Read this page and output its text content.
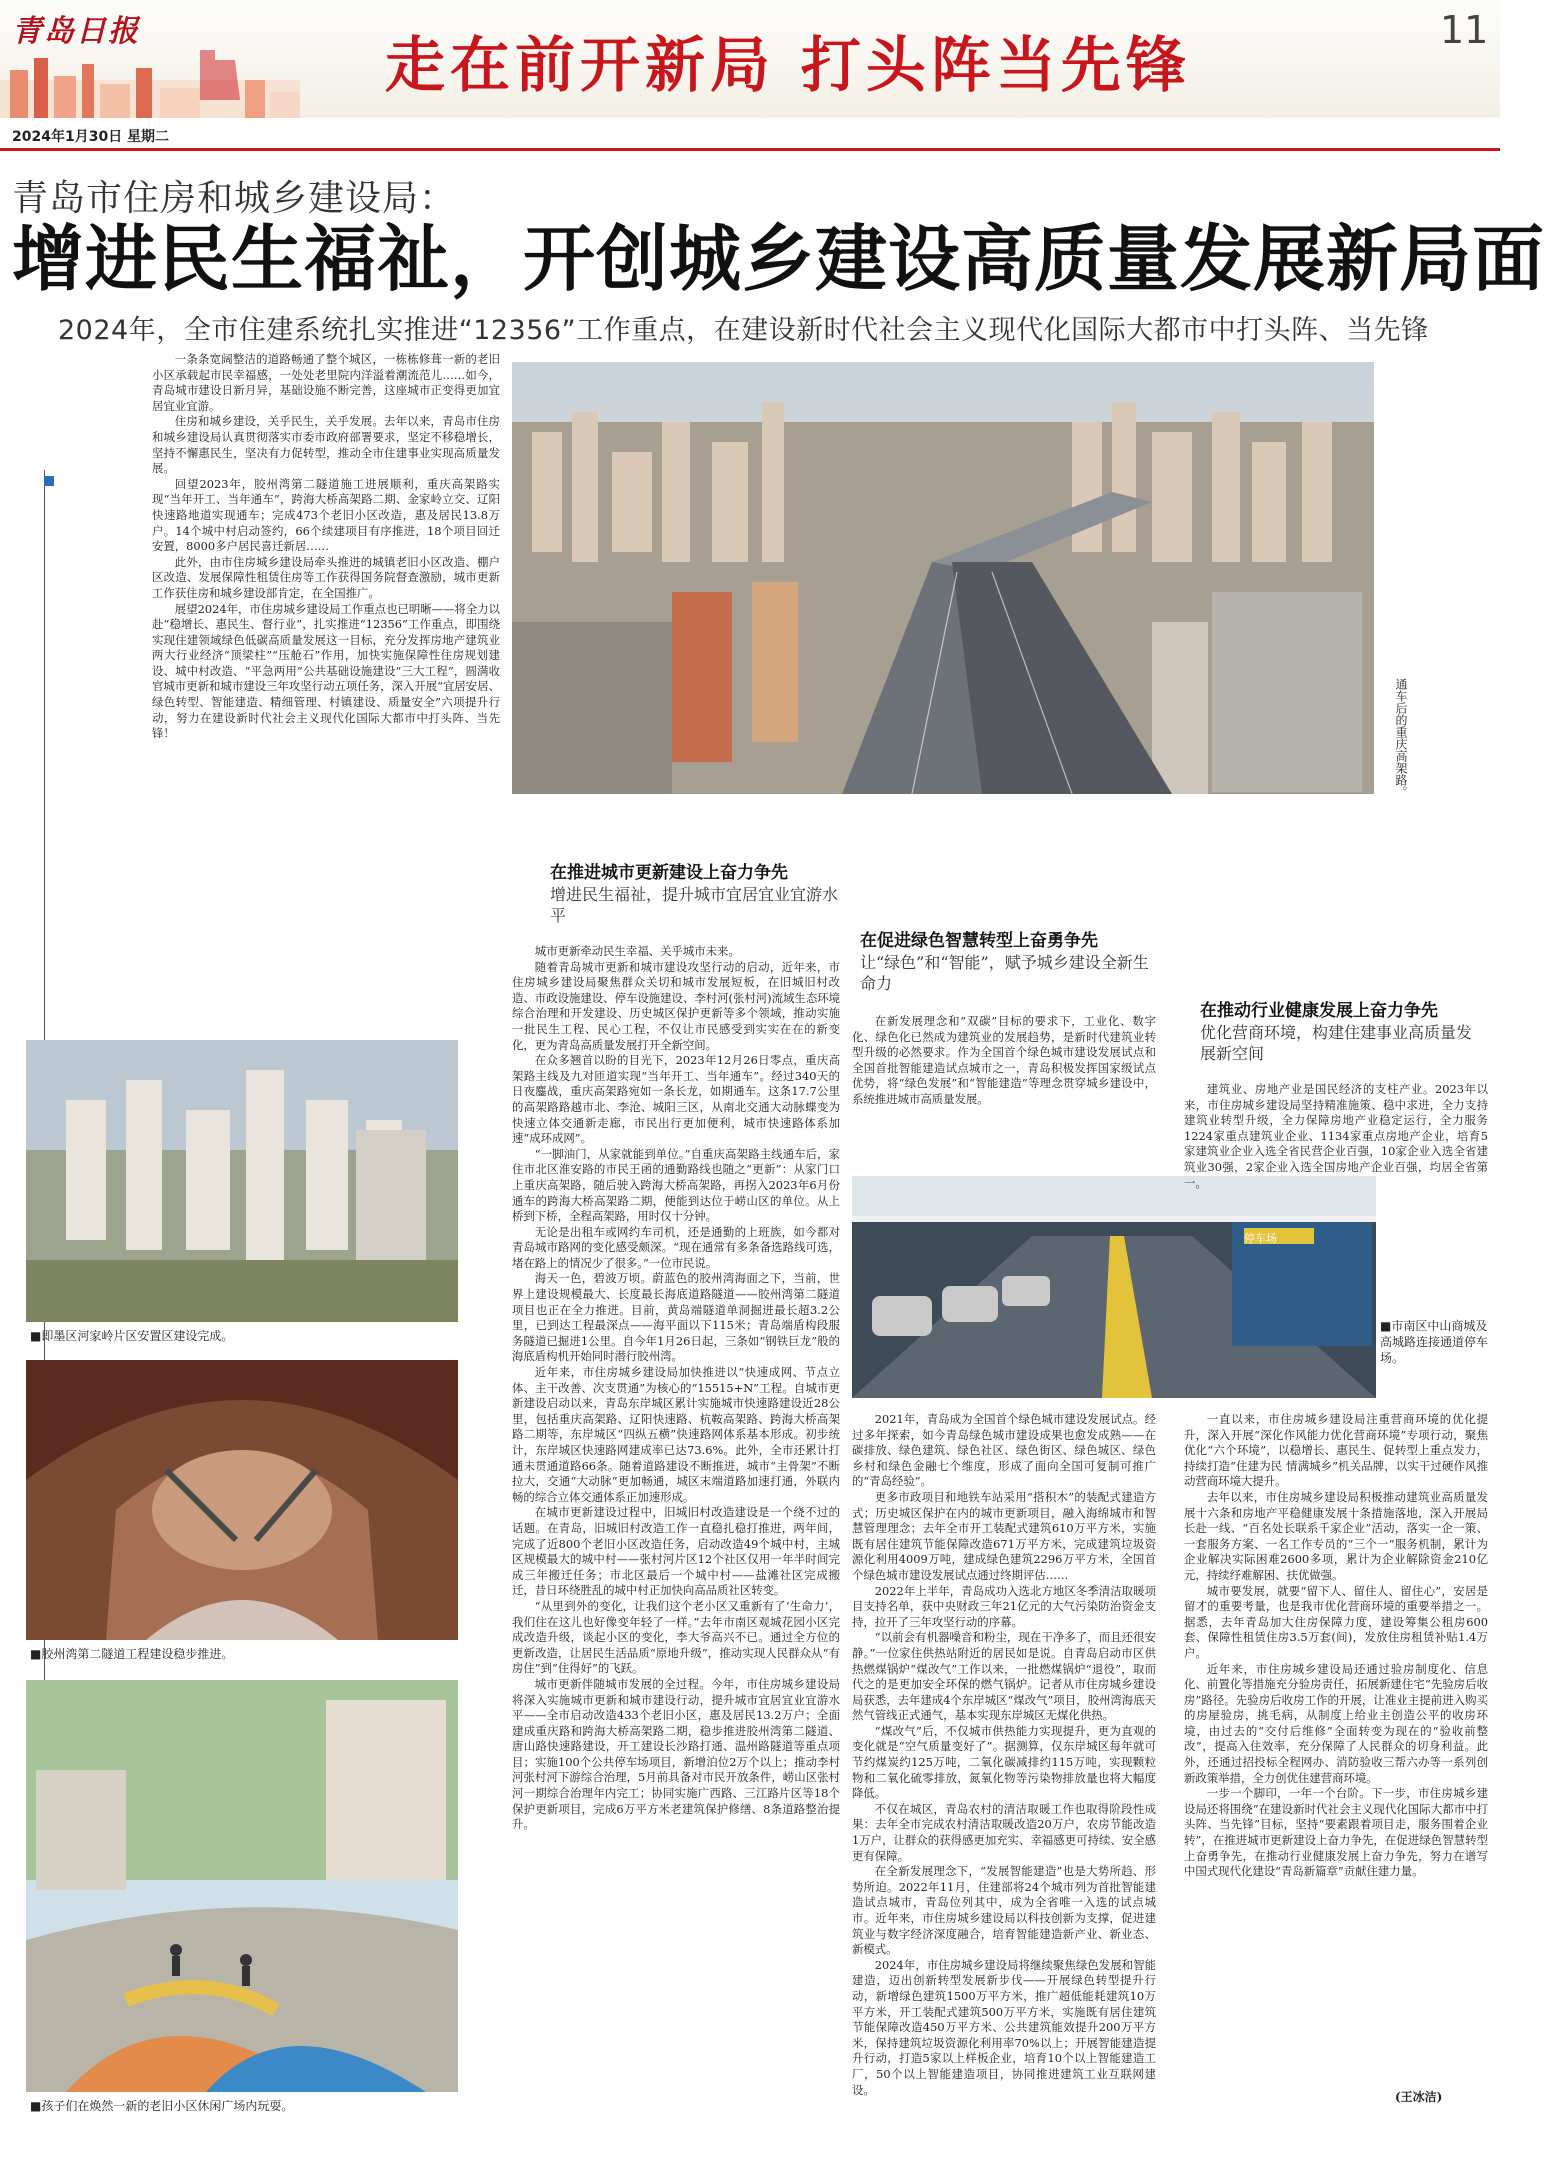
青岛日报	走在前开新局 打头阵当先锋
11
2024年1月30日 星期二
青岛市住房和城乡建设局：
增进民生福祉，开创城乡建设高质量发展新局面
2024年，全市住建系统扎实推进“12356”工作重点，在建设新时代社会主义现代化国际大都市中打头阵、当先锋

一条条宽阔整洁的道路畅通了整个城区，一栋栋修葺一新的老旧小区承载起市民幸福感，一处处老里院内洋溢着潮流范儿……如今，青岛城市建设日新月异，基础设施不断完善，这座城市正变得更加宜居宜业宜游。

住房和城乡建设，关乎民生，关乎发展。去年以来，青岛市住房和城乡建设局认真贯彻落实市委市政府部署要求，坚定不移稳增长，坚持不懈惠民生，坚决有力促转型，推动全市住建事业实现高质量发展。

回望2023年，胶州湾第二隧道施工进展顺利，重庆高架路实现“当年开工、当年通车”，跨海大桥高架路二期、金家岭立交、辽阳快速路地道实现通车；完成473个老旧小区改造，惠及居民13.8万户。14个城中村启动签约，66个续建项目有序推进，18个项目回迁安置，8000多户居民喜迁新居……

此外，由市住房城乡建设局牵头推进的城镇老旧小区改造、棚户区改造、发展保障性租赁住房等工作获得国务院督查激励，城市更新工作获住房和城乡建设部肯定，在全国推广。

展望2024年，市住房城乡建设局工作重点也已明晰——将全力以赴“稳增长、惠民生、督行业”，扎实推进“12356”工作重点，即围绕实现住建领域绿色低碳高质量发展这一目标，充分发挥房地产建筑业两大行业经济“顶梁柱”“压舱石”作用，加快实施保障性住房规划建设、城中村改造、“平急两用”公共基础设施建设“三大工程”，圆满收官城市更新和城市建设三年攻坚行动五项任务，深入开展“宜居安居、绿色转型、智能建造、精细管理、村镇建设、质量安全”六项提升行动，努力在建设新时代社会主义现代化国际大都市中打头阵、当先锋！	通车后的重庆高架路。
■即墨区河家岭片区安置区建设完成。
■胶州湾第二隧道工程建设稳步推进。
■孩子们在焕然一新的老旧小区休闲广场内玩耍。
在推进城市更新建设上奋力争先
增进民生福祉，提升城市宜居宜业宜游水平

城市更新牵动民生幸福、关乎城市未来。

随着青岛城市更新和城市建设攻坚行动的启动，近年来，市住房城乡建设局聚焦群众关切和城市发展短板，在旧城旧村改造、市政设施建设、停车设施建设、李村河(张村河)流域生态环境综合治理和开发建设、历史城区保护更新等多个领域，推动实施一批民生工程、民心工程，不仅让市民感受到实实在在的新变化，更为青岛高质量发展打开全新空间。

在众多翘首以盼的目光下，2023年12月26日零点，重庆高架路主线及九对匝道实现“当年开工、当年通车”。经过340天的日夜鏖战，重庆高架路宛如一条长龙，如期通车。这条17.7公里的高架路路越市北、李沧、城阳三区，从南北交通大动脉蝶变为快速立体交通新走廊，市民出行更加便利，城市快速路体系加速“成环成网”。

“一脚油门，从家就能到单位。”自重庆高架路主线通车后，家住市北区淮安路的市民王函的通勤路线也随之“更新”：从家门口上重庆高架路，随后驶入跨海大桥高架路，再拐入2023年6月份通车的跨海大桥高架路二期，便能到达位于崂山区的单位。从上桥到下桥，全程高架路，用时仅十分钟。

无论是出租车或网约车司机，还是通勤的上班族，如今都对青岛城市路网的变化感受颇深。“现在通常有多条备选路线可选，堵在路上的情况少了很多。”一位市民说。

海天一色，碧波万顷。蔚蓝色的胶州湾海面之下，当前，世界上建设规模最大、长度最长海底道路隧道——胶州湾第二隧道项目也正在全力推进。目前，黄岛端隧道单洞掘进最长超3.2公里，已到达工程最深点——海平面以下115米；青岛端盾构段服务隧道已掘进1公里。自今年1月26日起，三条如“钢铁巨龙”般的海底盾构机开始同时潜行胶州湾。

近年来，市住房城乡建设局加快推进以“快速成网、节点立体、主干改善、次支贯通”为核心的“15515+N”工程。自城市更新建设启动以来，青岛东岸城区累计实施城市快速路建设近28公里，包括重庆高架路、辽阳快速路、杭鞍高架路、跨海大桥高架路二期等，东岸城区“四纵五横”快速路网体系基本形成。初步统计，东岸城区快速路网建成率已达73.6%。此外，全市还累计打通未贯通道路66条。随着道路建设不断推进，城市“主骨架”不断拉大，交通“大动脉”更加畅通，城区末端道路加速打通，外联内畅的综合立体交通体系正加速形成。

在城市更新建设过程中，旧城旧村改造建设是一个绕不过的话题。在青岛，旧城旧村改造工作一直稳扎稳打推进，两年间，完成了近800个老旧小区改造任务，启动改造49个城中村，主城区规模最大的城中村——张村河片区12个社区仅用一年半时间完成三年搬迁任务；市北区最后一个城中村——盐滩社区完成搬迁，昔日环绕胜乱的城中村正加快向高品质社区转变。

“从里到外的变化，让我们这个老小区又重新有了‘生命力’，我们住在这儿也好像变年轻了一样。”去年市南区观城花园小区完成改造升级，谈起小区的变化，李大爷高兴不已。通过全方位的更新改造，让居民生活品质“原地升级”，推动实现人民群众从“有房住”到“住得好”的飞跃。

城市更新伴随城市发展的全过程。今年，市住房城乡建设局将深入实施城市更新和城市建设行动，提升城市宜居宜业宜游水平——全市启动改造433个老旧小区，惠及居民13.2万户；全面建成重庆路和跨海大桥高架路二期，稳步推进胶州湾第二隧道、唐山路快速路建设，开工建设长沙路打通、温州路隧道等重点项目；实施100个公共停车场项目，新增泊位2万个以上；推动李村河张村河下游综合治理，5月前具备对市民开放条件，崂山区张村河一期综合治理年内完工；协同实施广西路、三江路片区等18个保护更新项目，完成6万平方米老建筑保护修缮、8条道路整治提升。

在促进绿色智慧转型上奋勇争先
让“绿色”和“智能”，赋予城乡建设全新生命力

在新发展理念和“双碳”目标的要求下，工业化、数字化、绿色化已然成为建筑业的发展趋势，是新时代建筑业转型升级的必然要求。作为全国首个绿色城市建设发展试点和全国首批智能建造试点城市之一，青岛积极发挥国家级试点优势，将“绿色发展”和“智能建造”等理念贯穿城乡建设中，系统推进城市高质量发展。

停车场
■市南区中山商城及高城路连接通道停车场。

2021年，青岛成为全国首个绿色城市建设发展试点。经过多年探索，如今青岛绿色城市建设成果也愈发成熟——在碳排放、绿色建筑、绿色社区、绿色街区、绿色城区、绿色乡村和绿色金融七个维度，形成了面向全国可复制可推广的“青岛经验”。

更多市政项目和地铁车站采用“搭积木”的装配式建造方式；历史城区保护在内的城市更新项目，融入海绵城市和智慧管理理念；去年全市开工装配式建筑610万平方米，实施既有居住建筑节能保障改造671万平方米，完成建筑垃圾资源化利用4009万吨，建成绿色建筑2296万平方米，全国首个绿色城市建设发展试点通过终期评估……

2022年上半年，青岛成功入选北方地区冬季清洁取暖项目支持名单，获中央财政三年21亿元的大气污染防治资金支持，拉开了三年攻坚行动的序幕。

“以前会有机器噪音和粉尘，现在干净多了，而且还很安静。”一位家住供热站附近的居民如是说。自青岛启动市区供热燃煤锅炉“煤改气”工作以来，一批燃煤锅炉“退役”，取而代之的是更加安全环保的燃气锅炉。记者从市住房城乡建设局获悉，去年建成4个东岸城区“煤改气”项目，胶州湾海底天然气管线正式通气，基本实现东岸城区无煤化供热。

“煤改气”后，不仅城市供热能力实现提升，更为直观的变化就是“空气质量变好了”。据测算，仅东岸城区每年就可节约煤炭约125万吨，二氧化碳减排约115万吨，实现颗粒物和二氧化硫零排放，氮氧化物等污染物排放量也将大幅度降低。

不仅在城区，青岛农村的清洁取暖工作也取得阶段性成果：去年全市完成农村清洁取暖改造20万户，农房节能改造1万户，让群众的获得感更加充实、幸福感更可持续、安全感更有保障。

在全新发展理念下，“发展智能建造”也是大势所趋、形势所迫。2022年11月，住建部将24个城市列为首批智能建造试点城市，青岛位列其中，成为全省唯一入选的试点城市。近年来，市住房城乡建设局以科技创新为支撑，促进建筑业与数字经济深度融合，培育智能建造新产业、新业态、新模式。

2024年，市住房城乡建设局将继续聚焦绿色发展和智能建造，迈出创新转型发展新步伐——开展绿色转型提升行动，新增绿色建筑1500万平方米，推广超低能耗建筑10万平方米，开工装配式建筑500万平方米，实施既有居住建筑节能保障改造450万平方米、公共建筑能效提升200万平方米，保持建筑垃圾资源化利用率70%以上；开展智能建造提升行动，打造5家以上样板企业，培育10个以上智能建造工厂，50个以上智能建造项目，协同推进建筑工业互联网建设。

在推动行业健康发展上奋力争先
优化营商环境，构建住建事业高质量发展新空间

建筑业、房地产业是国民经济的支柱产业。2023年以来，市住房城乡建设局坚持精准施策、稳中求进，全力支持建筑业转型升级，全力保障房地产业稳定运行，全力服务1224家重点建筑业企业、1134家重点房地产企业，培育5家建筑业企业入选全省民营企业百强，10家企业入选全省建筑业30强，2家企业入选全国房地产企业百强，均居全省第一。

一直以来，市住房城乡建设局注重营商环境的优化提升，深入开展“深化作风能力优化营商环境”专项行动，聚焦优化“六个环境”，以稳增长、惠民生、促转型上重点发力，持续打造“住建为民 情满城乡”机关品牌，以实干过硬作风推动营商环境大提升。

去年以来，市住房城乡建设局积极推动建筑业高质量发展十六条和房地产平稳健康发展十条措施落地，深入开展局长赴一线、“百名处长联系千家企业”活动，落实一企一策、一套服务方案、一名工作专员的“三个一”服务机制，累计为企业解决实际困难2600多项，累计为企业解除资金210亿元，持续纾难解困、扶优做强。

城市要发展，就要“留下人、留住人、留住心”，安居是留才的重要考量，也是我市优化营商环境的重要举措之一。据悉，去年青岛加大住房保障力度，建设筹集公租房600套、保障性租赁住房3.5万套(间)，发放住房租赁补贴1.4万户。

近年来，市住房城乡建设局还通过验房制度化、信息化、前置化等措施充分验房责任，拓展新建住宅“先验房后收房”路径。先验房后收房工作的开展，让准业主提前进入购买的房屋验房，挑毛病，从制度上给业主创造公平的收房环境，由过去的“交付后维修”全面转变为现在的“验收前整改”，提高入住效率，充分保障了人民群众的切身利益。此外，还通过招投标全程网办、消防验收三帮六办等一系列创新政策举措，全力创优住建营商环境。

一步一个脚印，一年一个台阶。下一步，市住房城乡建设局还将围绕“在建设新时代社会主义现代化国际大都市中打头阵、当先锋”目标，坚持“要素跟着项目走，服务围着企业转”，在推进城市更新建设上奋力争先，在促进绿色智慧转型上奋勇争先，在推动行业健康发展上奋力争先，努力在谱写中国式现代化建设“青岛新篇章”贡献住建力量。

(王冰洁)
